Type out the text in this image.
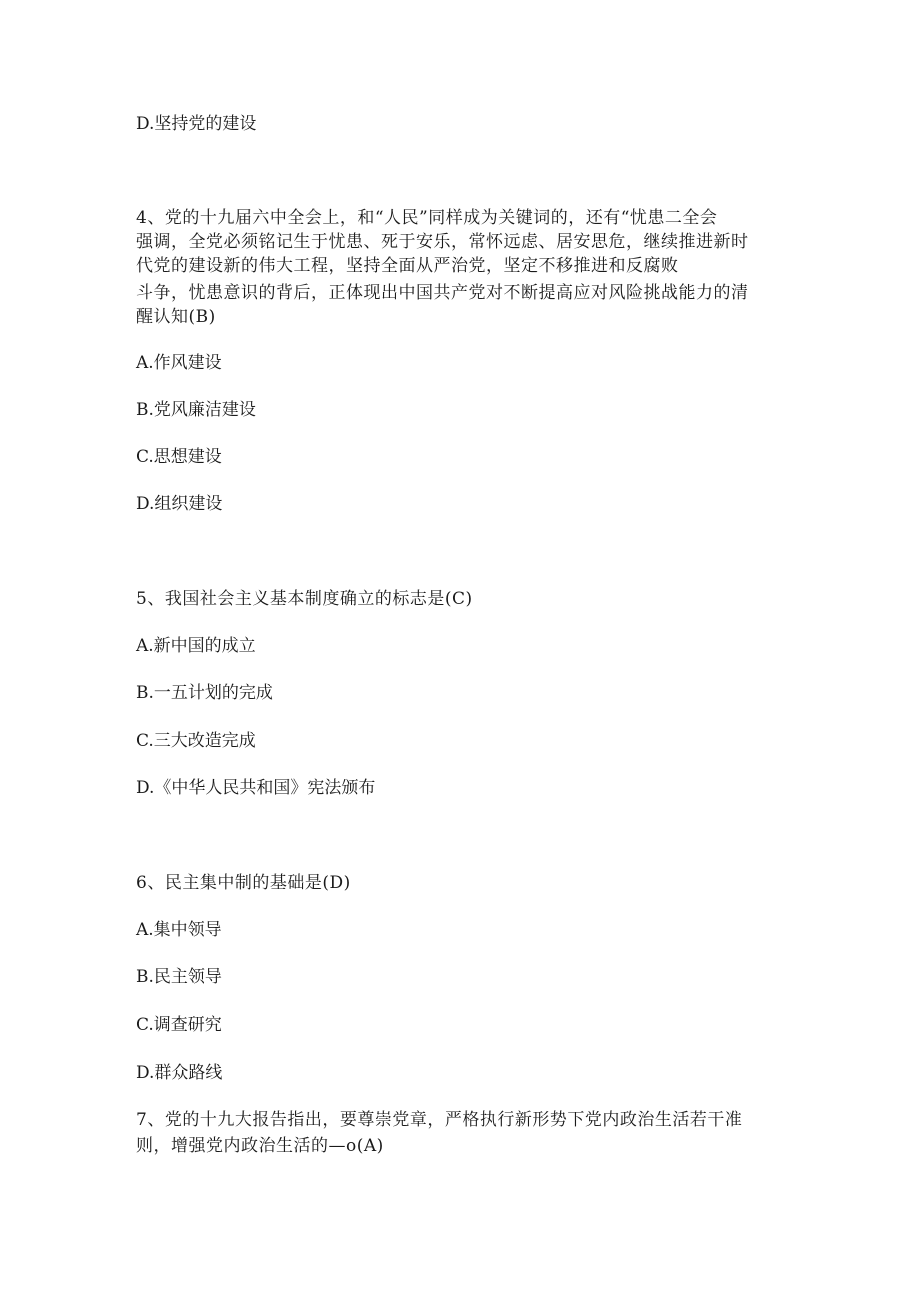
D.坚持党的建设
4、党的十九届六中全会上，和“人民”同样成为关键词的，还有“忧患二全会
强调，全党必须铭记生于忧患、死于安乐，常怀远虑、居安思危，继续推进新时
代党的建设新的伟大工程，坚持全面从严治党，坚定不移推进和反腐败
斗争，忧患意识的背后，正体现出中国共产党对不断提高应对风险挑战能力的清
醒认知(B)
A.作风建设
B.党风廉洁建设
C.思想建设
D.组织建设
5、我国社会主义基本制度确立的标志是(C)
A.新中国的成立
B.一五计划的完成
C.三大改造完成
D.《中华人民共和国》宪法颁布
6、民主集中制的基础是(D)
A.集中领导
B.民主领导
C.调查研究
D.群众路线
7、党的十九大报告指出，要尊崇党章，严格执行新形势下党内政治生活若干准
则，增强党内政治生活的—o(A)
